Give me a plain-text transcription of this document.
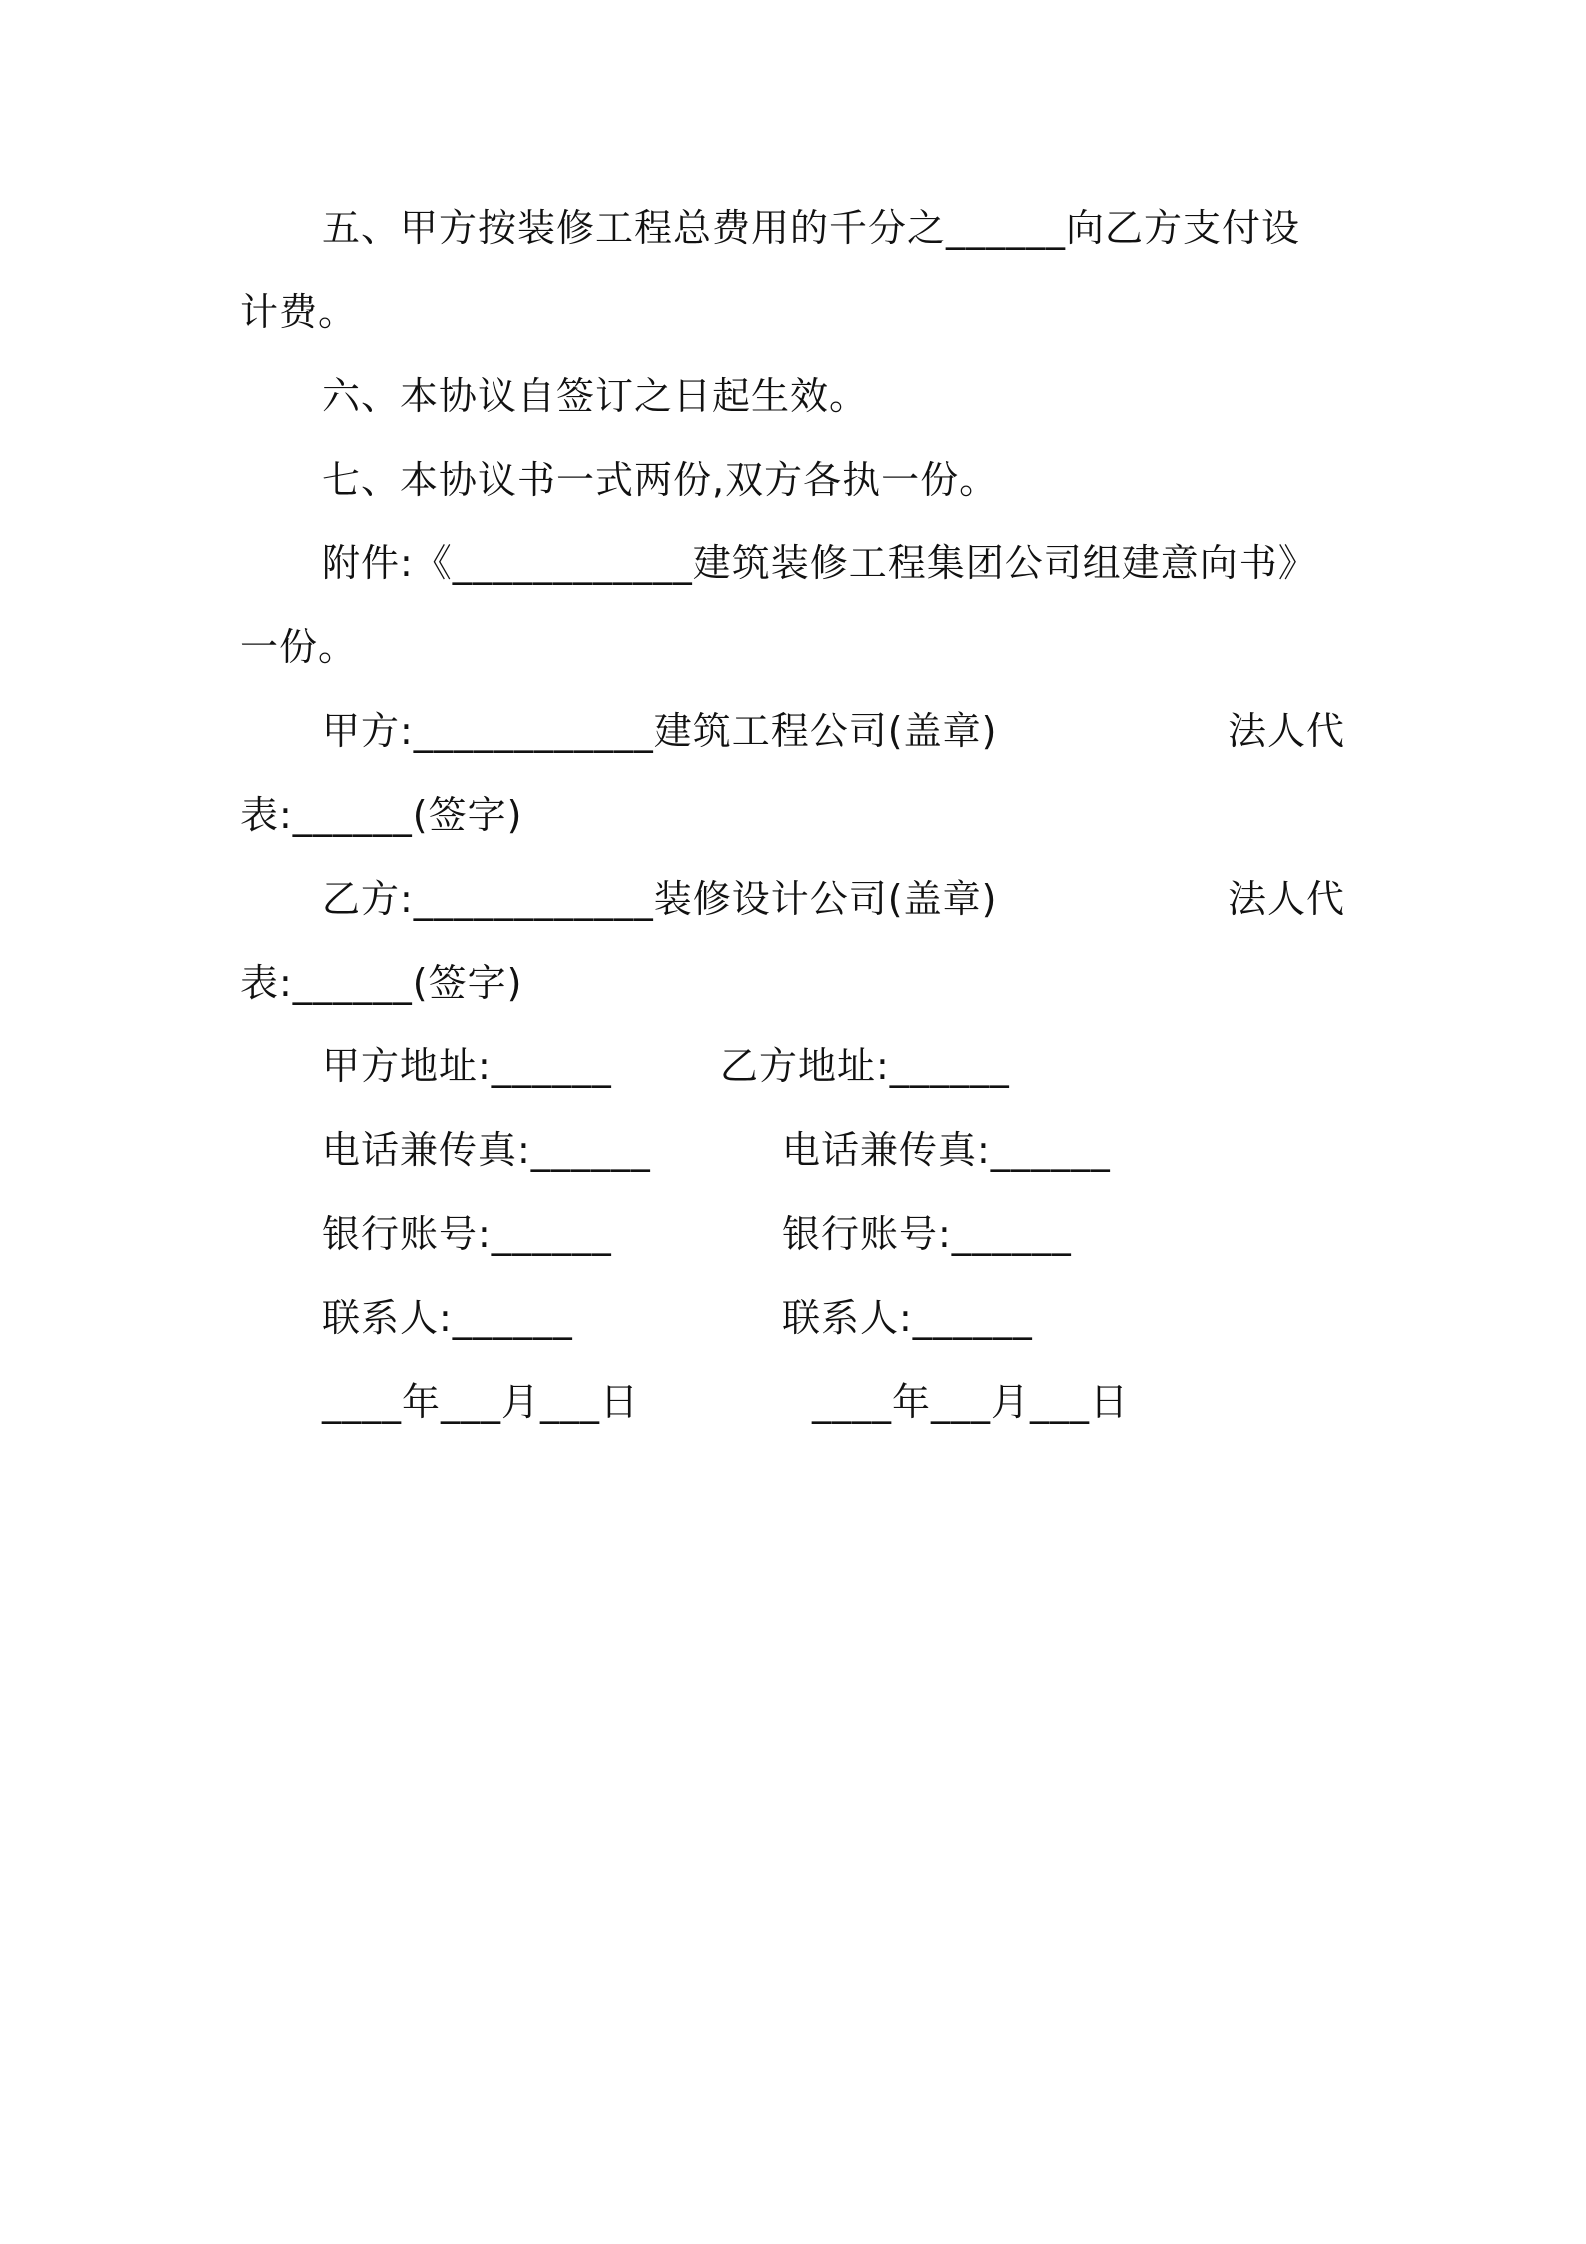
五、甲方按装修工程总费用的千分之______向乙方支付设
计费。
六、本协议自签订之日起生效。
七、本协议书一式两份,双方各执一份。
附件:《____________建筑装修工程集团公司组建意向书》
一份。
甲方:____________建筑工程公司(盖章)	法人代
表:______(签字)
乙方:____________装修设计公司(盖章)	法人代
表:______(签字)
甲方地址:______	乙方地址:______
电话兼传真:______	电话兼传真:______
银行账号:______	银行账号:______
联系人:______	联系人:______
____年___月___日	____年___月___日
